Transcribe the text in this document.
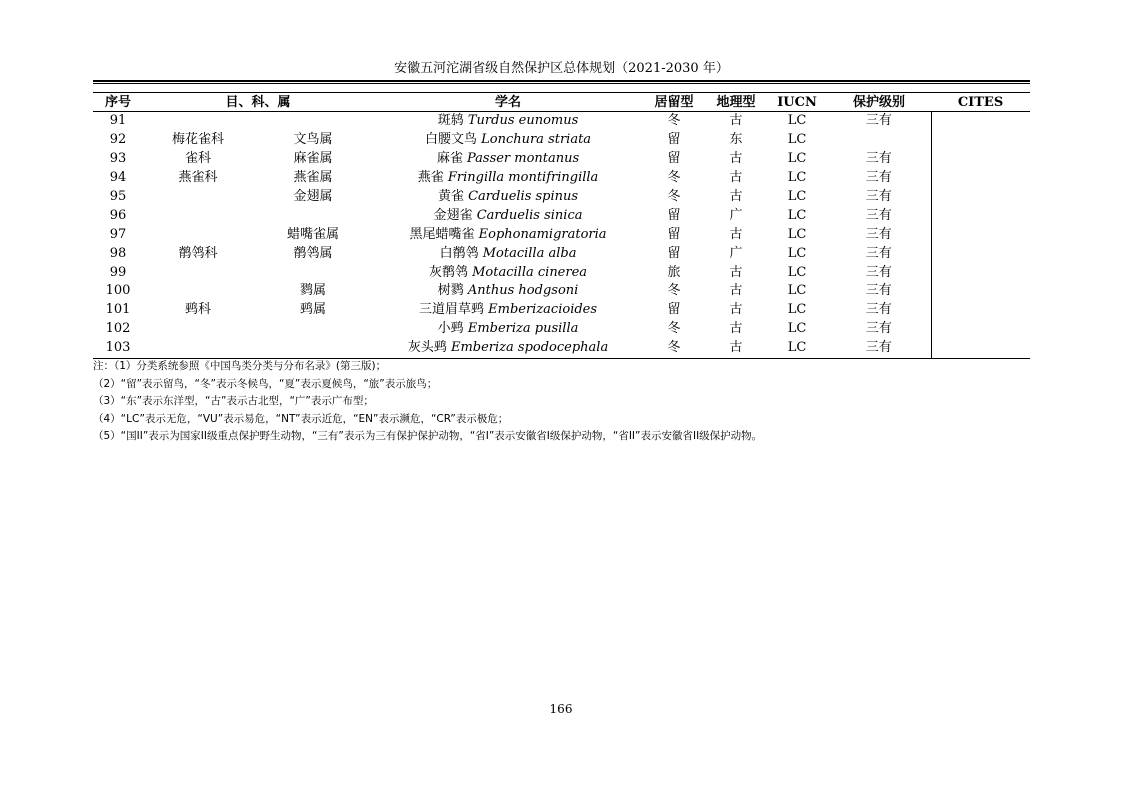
安徽五河沱湖省级自然保护区总体规划（2021-2030 年）
序号	目、科、属		学名	居留型	地理型	IUCN	保护级别	CITES
91			斑鸫 Turdus eunomus	冬	古	LC	三有	
92	梅花雀科	文鸟属	白腰文鸟 Lonchura striata	留	东	LC		
93	雀科	麻雀属	麻雀 Passer montanus	留	古	LC	三有	
94	燕雀科	燕雀属	燕雀 Fringilla montifringilla	冬	古	LC	三有	
95		金翅属	黄雀 Carduelis spinus	冬	古	LC	三有	
96			金翅雀 Carduelis sinica	留	广	LC	三有	
97		蜡嘴雀属	黑尾蜡嘴雀 Eophonamigratoria	留	古	LC	三有	
98	鹡鸰科	鹡鸰属	白鹡鸰 Motacilla alba	留	广	LC	三有	
99			灰鹡鸰 Motacilla cinerea	旅	古	LC	三有	
100		鹨属	树鹨 Anthus hodgsoni	冬	古	LC	三有	
101	鹀科	鹀属	三道眉草鹀 Emberizacioides	留	古	LC	三有	
102			小鹀 Emberiza pusilla	冬	古	LC	三有	
103			灰头鹀 Emberiza spodocephala	冬	古	LC	三有	
注：（1）分类系统参照《中国鸟类分类与分布名录》(第三版)；
（2）“留”表示留鸟，“冬”表示冬候鸟，“夏”表示夏候鸟，“旅”表示旅鸟；
（3）“东”表示东洋型，“古”表示古北型，“广”表示广布型；
（4）“LC”表示无危，“VU”表示易危，“NT”表示近危，“EN”表示濒危，“CR”表示极危；
（5）“国II”表示为国家II级重点保护野生动物，“三有”表示为三有保护保护动物，“省I”表示安徽省I级保护动物，“省II”表示安徽省II级保护动物。
166
